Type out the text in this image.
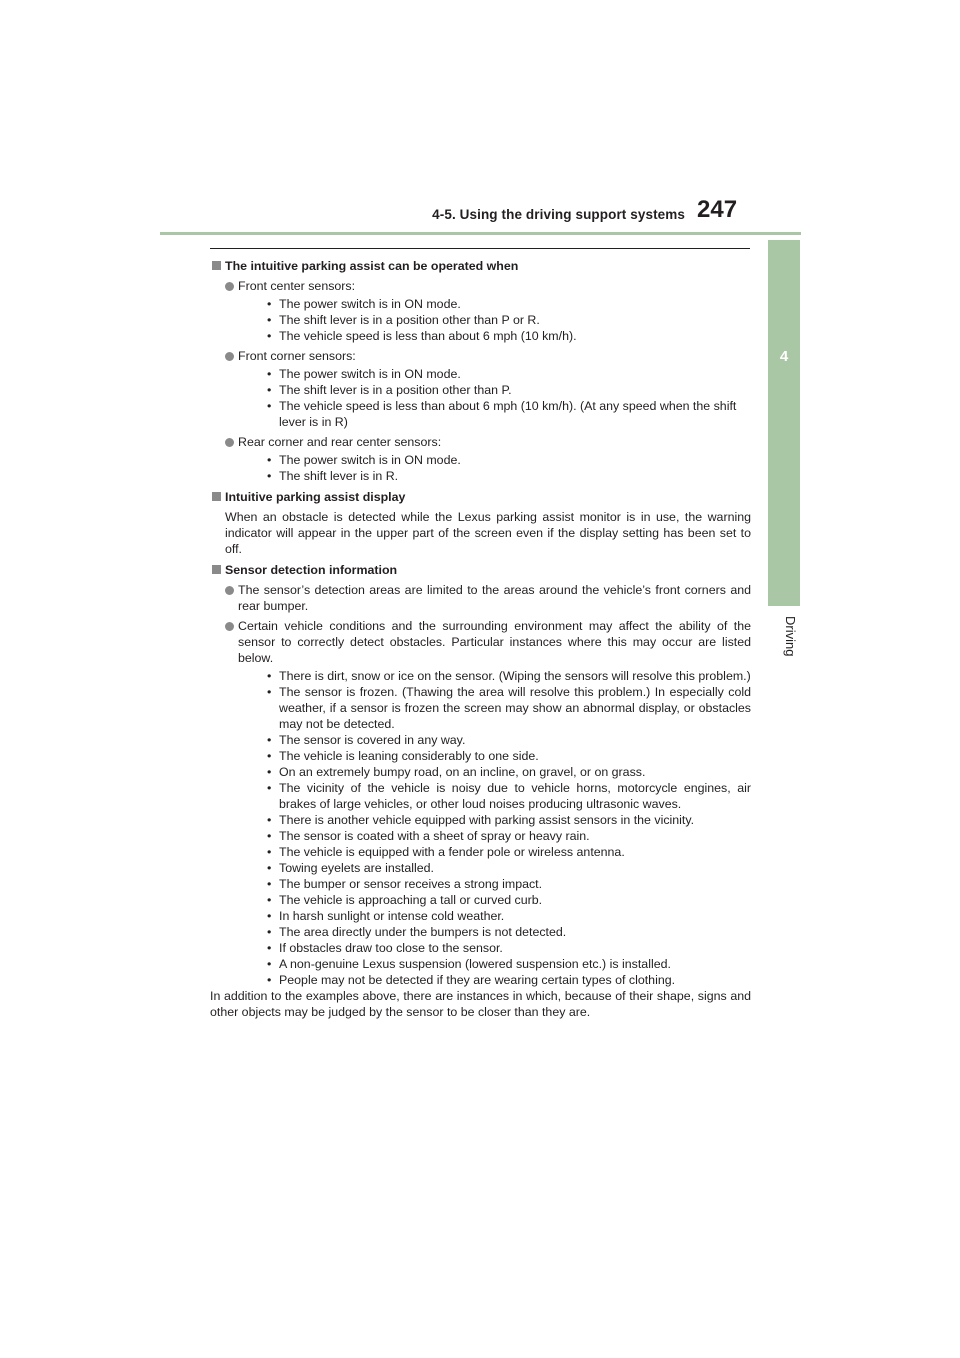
4-5. Using the driving support systems 247
4
Driving

The intuitive parking assist can be operated when

Front center sensors:
• The power switch is in ON mode.
• The shift lever is in a position other than P or R.
• The vehicle speed is less than about 6 mph (10 km/h).
Front corner sensors:
• The power switch is in ON mode.
• The shift lever is in a position other than P.
• The vehicle speed is less than about 6 mph (10 km/h). (At any speed when the shift lever is in R)
Rear corner and rear center sensors:
• The power switch is in ON mode.
• The shift lever is in R.

Intuitive parking assist display

When an obstacle is detected while the Lexus parking assist monitor is in use, the warning indicator will appear in the upper part of the screen even if the display setting has been set to off.

Sensor detection information

The sensor’s detection areas are limited to the areas around the vehicle’s front corners and rear bumper.
Certain vehicle conditions and the surrounding environment may affect the ability of the sensor to correctly detect obstacles. Particular instances where this may occur are listed below.
• There is dirt, snow or ice on the sensor. (Wiping the sensors will resolve this problem.)
• The sensor is frozen. (Thawing the area will resolve this problem.) In especially cold weather, if a sensor is frozen the screen may show an abnormal display, or obstacles may not be detected.
• The sensor is covered in any way.
• The vehicle is leaning considerably to one side.
• On an extremely bumpy road, on an incline, on gravel, or on grass.
• The vicinity of the vehicle is noisy due to vehicle horns, motorcycle engines, air brakes of large vehicles, or other loud noises producing ultrasonic waves.
• There is another vehicle equipped with parking assist sensors in the vicinity.
• The sensor is coated with a sheet of spray or heavy rain.
• The vehicle is equipped with a fender pole or wireless antenna.
• Towing eyelets are installed.
• The bumper or sensor receives a strong impact.
• The vehicle is approaching a tall or curved curb.
• In harsh sunlight or intense cold weather.
• The area directly under the bumpers is not detected.
• If obstacles draw too close to the sensor.
• A non-genuine Lexus suspension (lowered suspension etc.) is installed.
• People may not be detected if they are wearing certain types of clothing.

In addition to the examples above, there are instances in which, because of their shape, signs and other objects may be judged by the sensor to be closer than they are.
